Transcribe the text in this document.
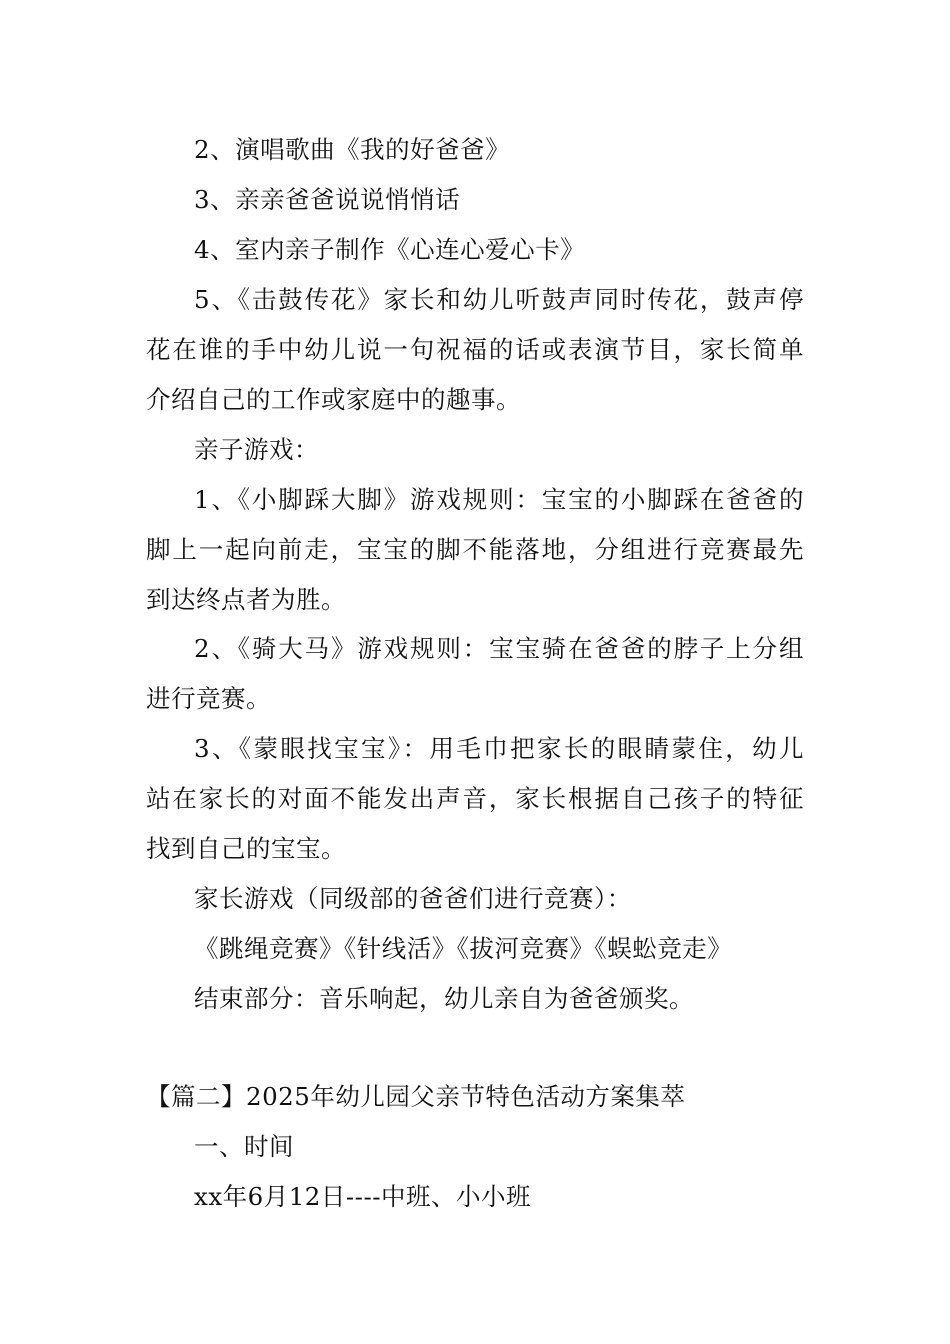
2、演唱歌曲《我的好爸爸》
3、亲亲爸爸说说悄悄话
4、室内亲子制作《心连心爱心卡》
5、《击鼓传花》家长和幼儿听鼓声同时传花，鼓声停
花在谁的手中幼儿说一句祝福的话或表演节目，家长简单
介绍自己的工作或家庭中的趣事。
亲子游戏：
1、《小脚踩大脚》游戏规则：宝宝的小脚踩在爸爸的
脚上一起向前走，宝宝的脚不能落地，分组进行竞赛最先
到达终点者为胜。
2、《骑大马》游戏规则：宝宝骑在爸爸的脖子上分组
进行竞赛。
3、《蒙眼找宝宝》：用毛巾把家长的眼睛蒙住，幼儿
站在家长的对面不能发出声音，家长根据自己孩子的特征
找到自己的宝宝。
家长游戏（同级部的爸爸们进行竞赛）：
《跳绳竞赛》《针线活》《拔河竞赛》《蜈蚣竞走》
结束部分：音乐响起，幼儿亲自为爸爸颁奖。
【篇二】2025年幼儿园父亲节特色活动方案集萃
一、时间
xx年6月12日----中班、小小班
